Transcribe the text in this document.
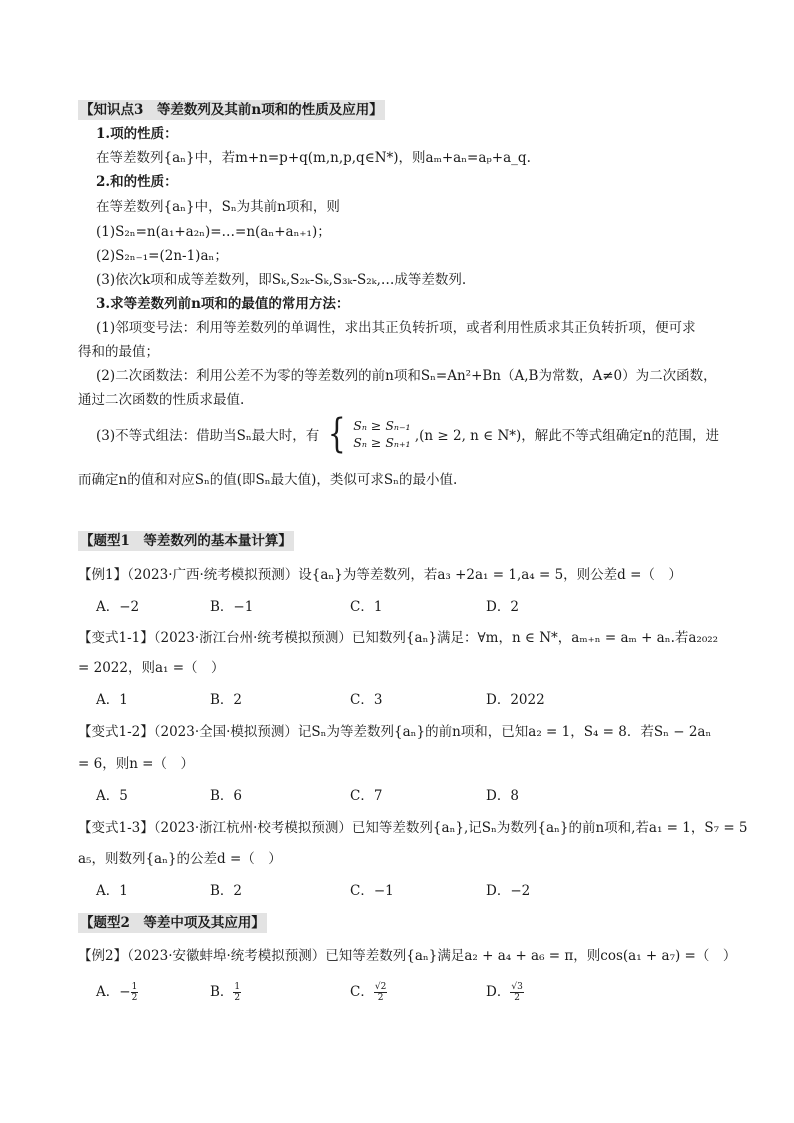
【知识点3　等差数列及其前n项和的性质及应用】
1.项的性质：
在等差数列{aₙ}中，若m+n=p+q(m,n,p,q∈N*)，则aₘ+aₙ=aₚ+a_q.
2.和的性质：
在等差数列{aₙ}中，Sₙ为其前n项和，则
(1)S₂ₙ=n(a₁+a₂ₙ)=…=n(aₙ+aₙ₊₁)；
(2)S₂ₙ₋₁=(2n-1)aₙ；
(3)依次k项和成等差数列，即Sₖ,S₂ₖ-Sₖ,S₃ₖ-S₂ₖ,…成等差数列.
3.求等差数列前n项和的最值的常用方法：
(1)邻项变号法：利用等差数列的单调性，求出其正负转折项，或者利用性质求其正负转折项，便可求
得和的最值；
(2)二次函数法：利用公差不为零的等差数列的前n项和Sₙ=An²+Bn（A,B为常数，A≠0）为二次函数，
通过二次函数的性质求最值.
(3)不等式组法：借助当Sₙ最大时，有 { Sₙ ≥ Sₙ₋₁
Sₙ ≥ Sₙ₊₁ ,(n ≥ 2, n ∈ N*)，解此不等式组确定n的范围，进
而确定n的值和对应Sₙ的值(即Sₙ最大值)，类似可求Sₙ的最小值.
【题型1　等差数列的基本量计算】
【例1】（2023·广西·统考模拟预测）设{aₙ}为等差数列，若a₃ +2a₁ = 1,a₄ = 5，则公差d =（　）
A．−2	B．−1	C．1	D．2
【变式1-1】（2023·浙江台州·统考模拟预测）已知数列{aₙ}满足：∀m，n ∈ N*，aₘ₊ₙ = aₘ + aₙ.若a₂₀₂₂
= 2022，则a₁ =（　）
A．1	B．2	C．3	D．2022
【变式1-2】（2023·全国·模拟预测）记Sₙ为等差数列{aₙ}的前n项和，已知a₂ = 1，S₄ = 8．若Sₙ − 2aₙ
= 6，则n =（　）
A．5	B．6	C．7	D．8
【变式1-3】（2023·浙江杭州·校考模拟预测）已知等差数列{aₙ},记Sₙ为数列{aₙ}的前n项和,若a₁ = 1，S₇ = 5
a₅，则数列{aₙ}的公差d =（　）
A．1	B．2	C．−1	D．−2
【题型2　等差中项及其应用】
【例2】（2023·安徽蚌埠·统考模拟预测）已知等差数列{aₙ}满足a₂ + a₄ + a₆ = π，则cos(a₁ + a₇) =（　）
A．− $\frac{1}{2}$	B． $\frac{1}{2}$	C． $\frac{√2}{2}$	D． $\frac{√3}{2}$
